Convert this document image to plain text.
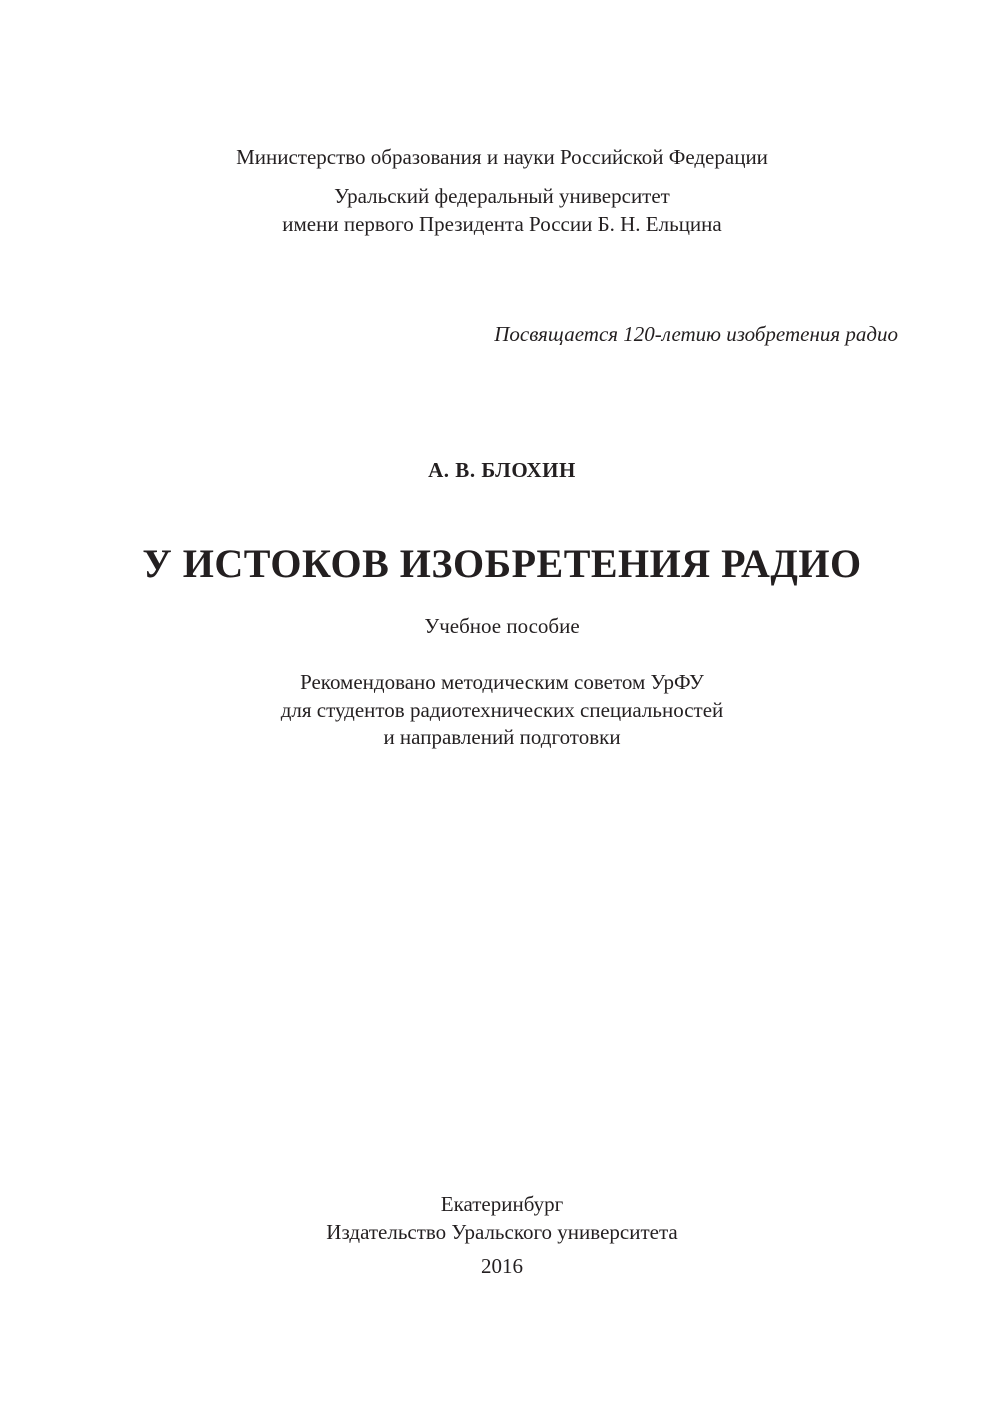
Министерство образования и науки Российской Федерации
Уральский федеральный университет
имени первого Президента России Б. Н. Ельцина
Посвящается 120-летию изобретения радио
А. В. БЛОХИН
У ИСТОКОВ ИЗОБРЕТЕНИЯ РАДИО
Учебное пособие
Рекомендовано методическим советом УрФУ
для студентов радиотехнических специальностей
и направлений подготовки
Екатеринбург
Издательство Уральского университета
2016
